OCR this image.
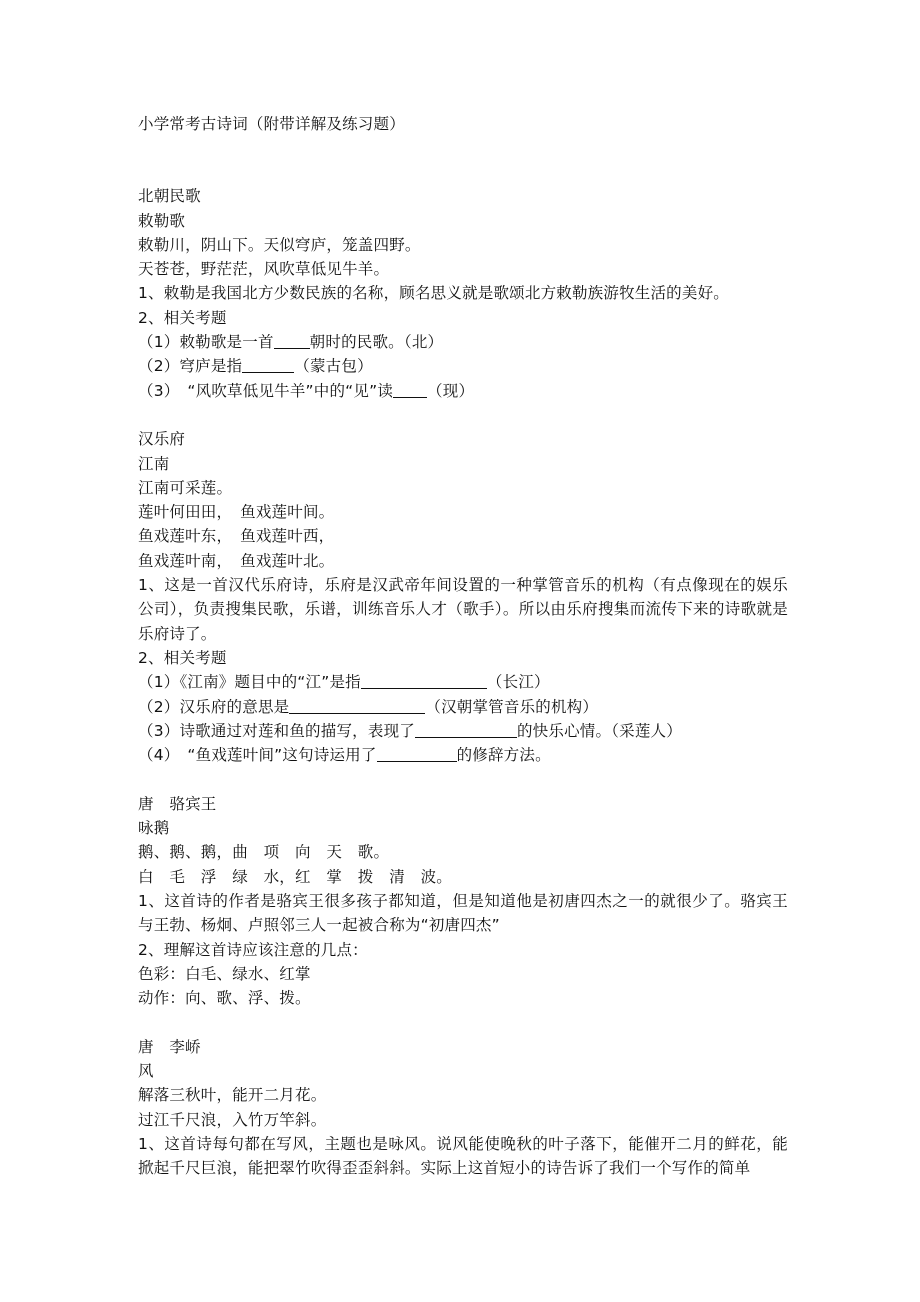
小学常考古诗词（附带详解及练习题）
北朝民歌
敕勒歌
敕勒川，阴山下。天似穹庐，笼盖四野。
天苍苍，野茫茫，风吹草低见牛羊。
1、敕勒是我国北方少数民族的名称，顾名思义就是歌颂北方敕勒族游牧生活的美好。
2、相关考题
（1）敕勒歌是一首 朝时的民歌。（北）
（2）穹庐是指	（蒙古包）
（3）　“风吹草低见牛羊”中的“见”读 （现）
汉乐府
江南
江南可采莲。
莲叶何田田，　鱼戏莲叶间。
鱼戏莲叶东，　鱼戏莲叶西，
鱼戏莲叶南，　鱼戏莲叶北。
1、这是一首汉代乐府诗，乐府是汉武帝年间设置的一种掌管音乐的机构（有点像现在的娱乐公司），负责搜集民歌，乐谱，训练音乐人才（歌手）。所以由乐府搜集而流传下来的诗歌就是乐府诗了。
2、相关考题
（1）《江南》题目中的“江”是指	（长江）
（2）汉乐府的意思是	（汉朝掌管音乐的机构）
（3）诗歌通过对莲和鱼的描写，表现了	的快乐心情。（采莲人）
（4）　“鱼戏莲叶间”这句诗运用了	的修辞方法。
唐　骆宾王
咏鹅
鹅、鹅、鹅，曲　项　向　天　歌。
白　毛　浮　绿　水，红　掌　拨　清　波。
1、这首诗的作者是骆宾王很多孩子都知道，但是知道他是初唐四杰之一的就很少了。骆宾王与王勃、杨炯、卢照邻三人一起被合称为“初唐四杰”
2、理解这首诗应该注意的几点：
色彩：白毛、绿水、红掌
动作：向、歌、浮、拨。
唐　李峤
风
解落三秋叶，能开二月花。
过江千尺浪，入竹万竿斜。
1、这首诗每句都在写风，主题也是咏风。说风能使晚秋的叶子落下，能催开二月的鲜花，能掀起千尺巨浪，能把翠竹吹得歪歪斜斜。实际上这首短小的诗告诉了我们一个写作的简单
